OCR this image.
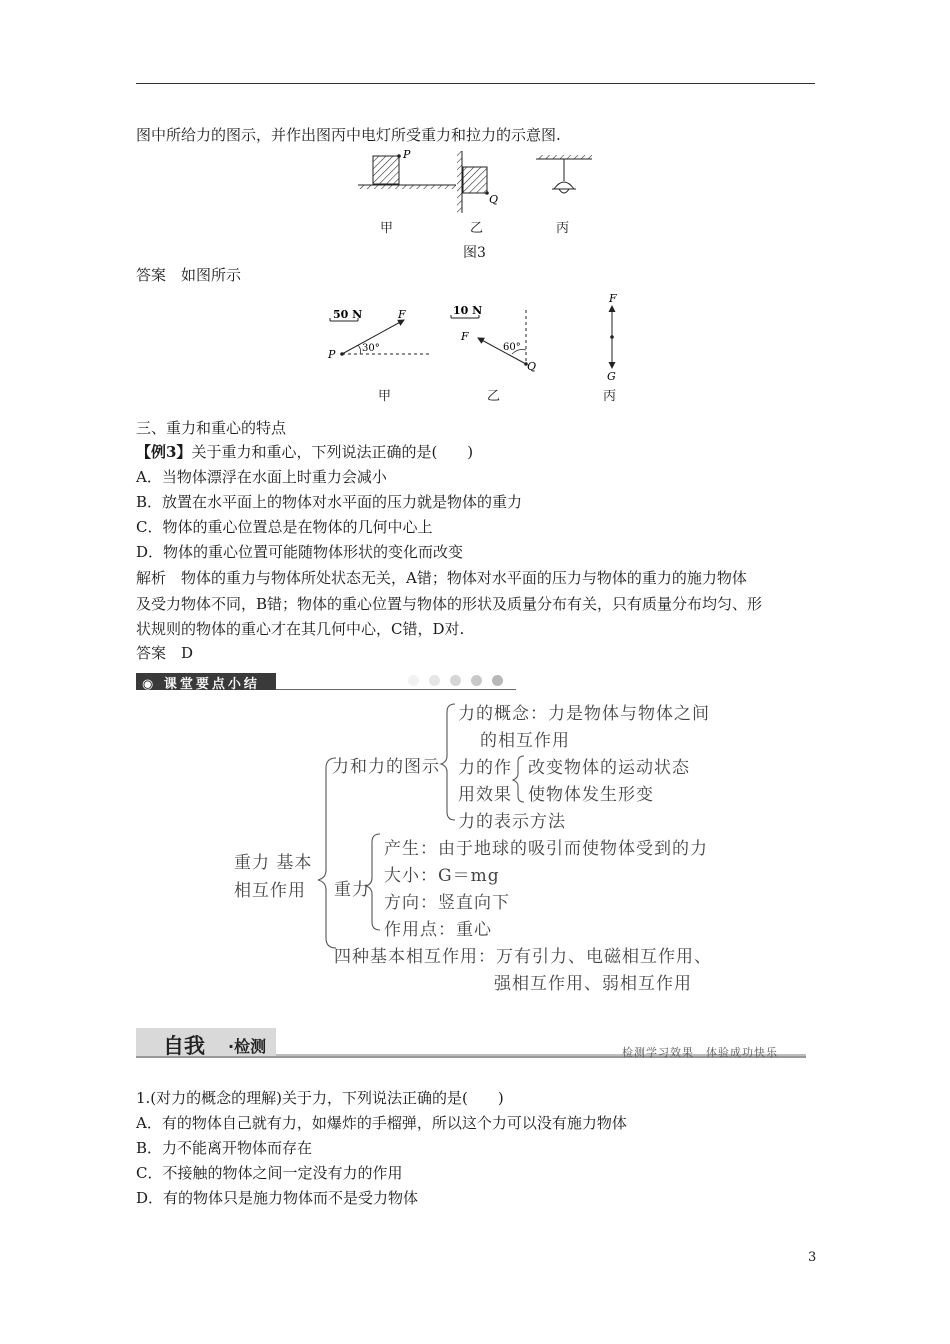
图中所给力的图示，并作出图丙中电灯所受重力和拉力的示意图.
P
Q
甲	乙	丙
图3
答案　如图所示
50 N
P
F
30°
10 N
Q
F
60°
F
G
甲	乙	丙
三、重力和重心的特点
【例3】关于重力和重心，下列说法正确的是(　　)
A．当物体漂浮在水面上时重力会减小
B．放置在水平面上的物体对水平面的压力就是物体的重力
C．物体的重心位置总是在物体的几何中心上
D．物体的重心位置可能随物体形状的变化而改变
解析　物体的重力与物体所处状态无关，A错；物体对水平面的压力与物体的重力的施力物体
及受力物体不同，B错；物体的重心位置与物体的形状及质量分布有关，只有质量分布均匀、形
状规则的物体的重心才在其几何中心，C错，D对.
答案　D
◉ 课堂要点小结
重力 基本
相互作用
力和力的图示
力的概念：力是物体与物体之间
的相互作用
力的作
用效果
改变物体的运动状态
使物体发生形变
力的表示方法
重力
产生：由于地球的吸引而使物体受到的力
大小：G＝mg
方向：竖直向下
作用点：重心
四种基本相互作用：万有引力、电磁相互作用、
强相互作用、弱相互作用
自我 ·检测	检测学习效果　体验成功快乐
1.(对力的概念的理解)关于力，下列说法正确的是(　　)
A．有的物体自己就有力，如爆炸的手榴弹，所以这个力可以没有施力物体
B．力不能离开物体而存在
C．不接触的物体之间一定没有力的作用
D．有的物体只是施力物体而不是受力物体
3
